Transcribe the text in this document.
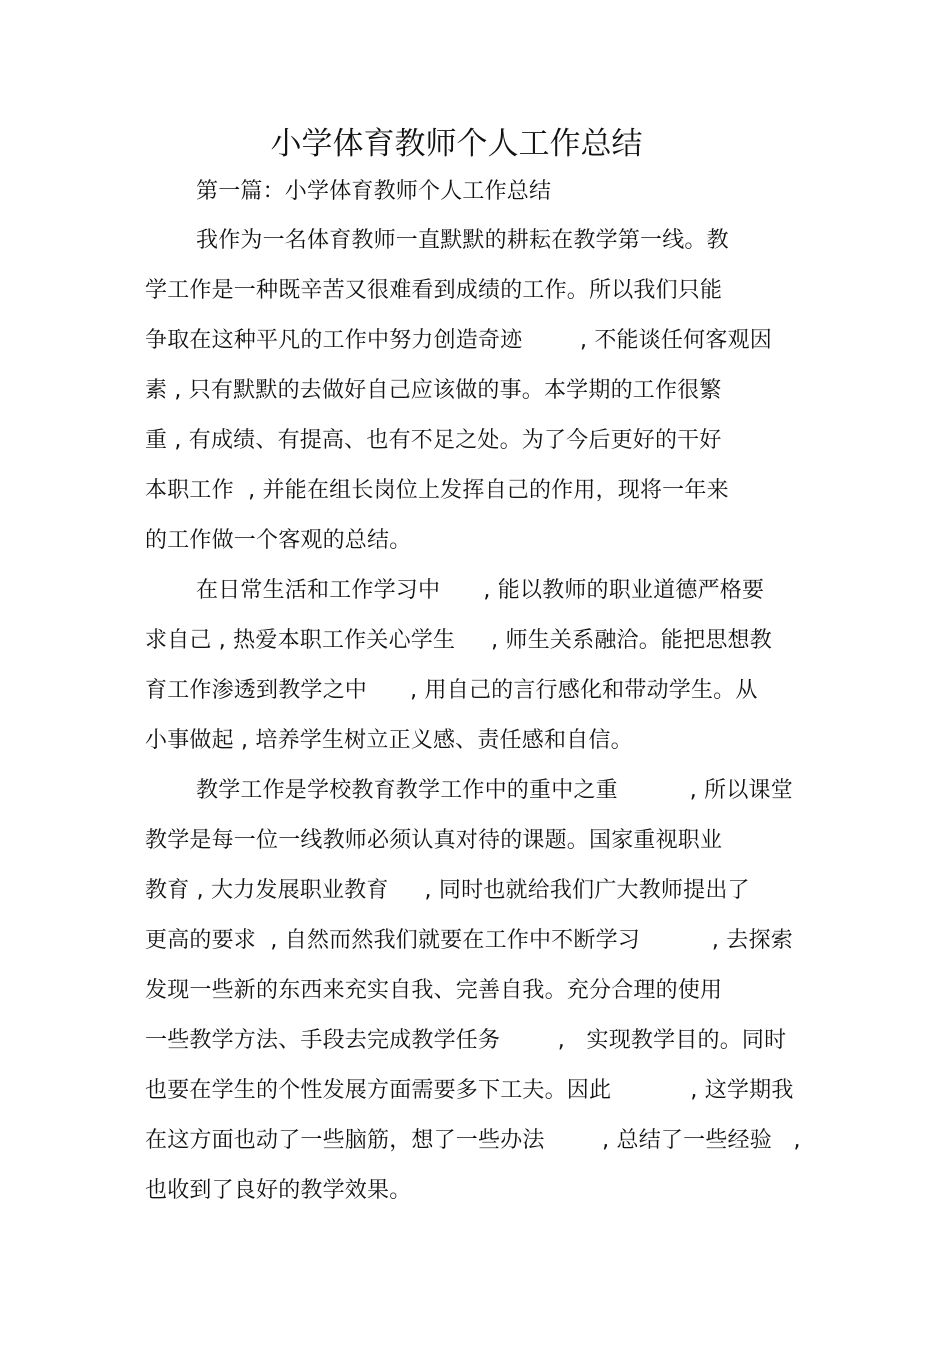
小学体育教师个人工作总结
第一篇：小学体育教师个人工作总结
我作为一名体育教师一直默默的耕耘在教学第一线。教
学工作是一种既辛苦又很难看到成绩的工作。所以我们只能
争取在这种平凡的工作中努力创造奇迹        , 不能谈任何客观因
素 , 只有默默的去做好自己应该做的事。本学期的工作很繁
重 , 有成绩、有提高、也有不足之处。为了今后更好的干好
本职工作  , 并能在组长岗位上发挥自己的作用，现将一年来
的工作做一个客观的总结。
在日常生活和工作学习中      , 能以教师的职业道德严格要
求自己 , 热爱本职工作关心学生     , 师生关系融洽。能把思想教
育工作渗透到教学之中      , 用自己的言行感化和带动学生。从
小事做起 , 培养学生树立正义感、责任感和自信。
教学工作是学校教育教学工作中的重中之重          , 所以课堂
教学是每一位一线教师必须认真对待的课题。国家重视职业
教育 , 大力发展职业教育     , 同时也就给我们广大教师提出了
更高的要求  , 自然而然我们就要在工作中不断学习          , 去探索
发现一些新的东西来充实自我、完善自我。充分合理的使用
一些教学方法、手段去完成教学任务        ,   实现教学目的。同时
也要在学生的个性发展方面需要多下工夫。因此           , 这学期我
在这方面也动了一些脑筋，想了一些办法        , 总结了一些经验   ,
也收到了良好的教学效果。
